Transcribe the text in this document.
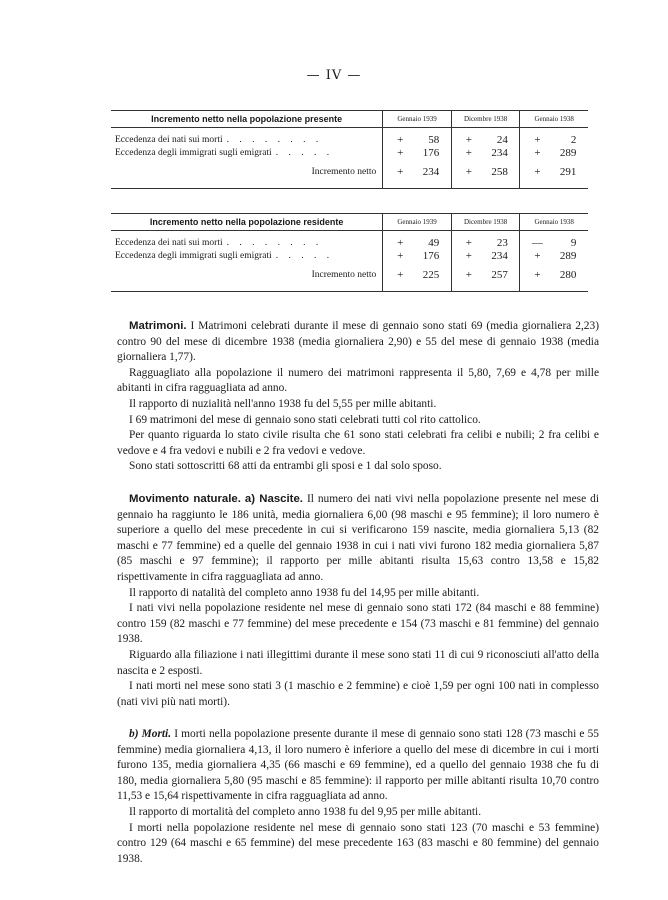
— IV —
Incremento netto nella popolazione presente	Gennaio 1939	Dicembre 1938	Gennaio 1938
Eccedenza dei nati sui morti . . . . . . . .	+ 58	+ 24	+ 2
Eccedenza degli immigrati sugli emigrati . . . . .	+ 176	+ 234	+ 289
Incremento netto	+ 234	+ 258	+ 291

Incremento netto nella popolazione residente	Gennaio 1939	Dicembre 1938	Gennaio 1938
Eccedenza dei nati sui morti . . . . . . . .	+ 49	+ 23	— 9
Eccedenza degli immigrati sugli emigrati . . . . .	+ 176	+ 234	+ 289
Incremento netto	+ 225	+ 257	+ 280

Matrimoni. I Matrimoni celebrati durante il mese di gennaio sono stati 69 (media giornaliera 2,23) contro 90 del mese di dicembre 1938 (media giornaliera 2,90) e 55 del mese di gennaio 1938 (media giornaliera 1,77).

Ragguagliato alla popolazione il numero dei matrimoni rappresenta il 5,80, 7,69 e 4,78 per mille abitanti in cifra ragguagliata ad anno.

Il rapporto di nuzialità nell'anno 1938 fu del 5,55 per mille abitanti.

I 69 matrimoni del mese di gennaio sono stati celebrati tutti col rito cattolico.

Per quanto riguarda lo stato civile risulta che 61 sono stati celebrati fra celibi e nubili; 2 fra celibi e vedove e 4 fra vedovi e nubili e 2 fra vedovi e vedove.

Sono stati sottoscritti 68 atti da entrambi gli sposi e 1 dal solo sposo.

Movimento naturale. a) Nascite. Il numero dei nati vivi nella popolazione presente nel mese di gennaio ha raggiunto le 186 unità, media giornaliera 6,00 (98 maschi e 95 femmine); il loro numero è superiore a quello del mese precedente in cui si verificarono 159 nascite, media giornaliera 5,13 (82 maschi e 77 femmine) ed a quelle del gennaio 1938 in cui i nati vivi furono 182 media giornaliera 5,87 (85 maschi e 97 femmine); il rapporto per mille abitanti risulta 15,63 contro 13,58 e 15,82 rispettivamente in cifra ragguagliata ad anno.

Il rapporto di natalità del completo anno 1938 fu del 14,95 per mille abitanti.

I nati vivi nella popolazione residente nel mese di gennaio sono stati 172 (84 maschi e 88 femmine) contro 159 (82 maschi e 77 femmine) del mese precedente e 154 (73 maschi e 81 femmine) del gennaio 1938.

Riguardo alla filiazione i nati illegittimi durante il mese sono stati 11 di cui 9 riconosciuti all'atto della nascita e 2 esposti.

I nati morti nel mese sono stati 3 (1 maschio e 2 femmine) e cioè 1,59 per ogni 100 nati in complesso (nati vivi più nati morti).

b) Morti. I morti nella popolazione presente durante il mese di gennaio sono stati 128 (73 maschi e 55 femmine) media giornaliera 4,13, il loro numero è inferiore a quello del mese di dicembre in cui i morti furono 135, media giornaliera 4,35 (66 maschi e 69 femmine), ed a quello del gennaio 1938 che fu di 180, media giornaliera 5,80 (95 maschi e 85 femmine): il rapporto per mille abitanti risulta 10,70 contro 11,53 e 15,64 rispettivamente in cifra ragguagliata ad anno.

Il rapporto di mortalità del completo anno 1938 fu del 9,95 per mille abitanti.

I morti nella popolazione residente nel mese di gennaio sono stati 123 (70 maschi e 53 femmine) contro 129 (64 maschi e 65 femmine) del mese precedente 163 (83 maschi e 80 femmine) del gennaio 1938.
